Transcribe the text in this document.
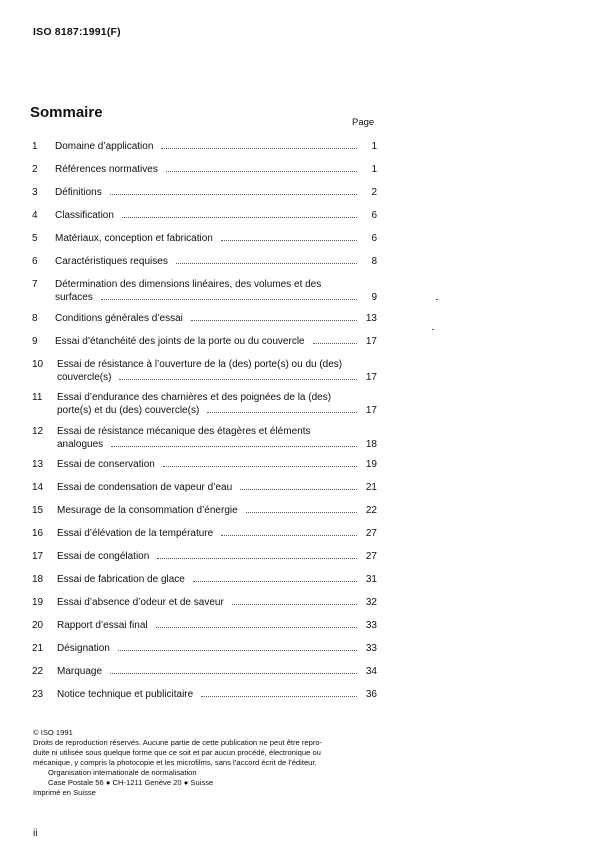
ISO 8187:1991(F)
Sommaire
Page
1	Domaine d’application	1
2	Références normatives	1
3	Définitions	2
4	Classification	6
5	Matériaux, conception et fabrication	6
6	Caractéristiques requises	8
7	Détermination des dimensions linéaires, des volumes et des
surfaces	9
8	Conditions générales d’essai	13
9	Essai d’étanchéité des joints de la porte ou du couvercle	17
10	Essai de résistance à l’ouverture de la (des) porte(s) ou du (des)
couvercle(s)	17
11	Essai d’endurance des charnières et des poignées de la (des)
porte(s) et du (des) couvercle(s)	17
12	Essai de résistance mécanique des étagères et éléments
analogues	18
13	Essai de conservation	19
14	Essai de condensation de vapeur d’eau	21
15	Mesurage de la consommation d’énergie	22
16	Essai d’élévation de la température	27
17	Essai de congélation	27
18	Essai de fabrication de glace	31
19	Essai d’absence d’odeur et de saveur	32
20	Rapport d’essai final	33
21	Désignation	33
22	Marquage	34
23	Notice technique et publicitaire	36
© ISO 1991
Droits de reproduction réservés. Aucune partie de cette publication ne peut être repro-
duite ni utilisée sous quelque forme que ce soit et par aucun procédé, électronique ou
mécanique, y compris la photocopie et les microfilms, sans l’accord écrit de l’éditeur.
Organisation internationale de normalisation
Case Postale 56 ● CH-1211 Genève 20 ● Suisse
Imprimé en Suisse
ii
